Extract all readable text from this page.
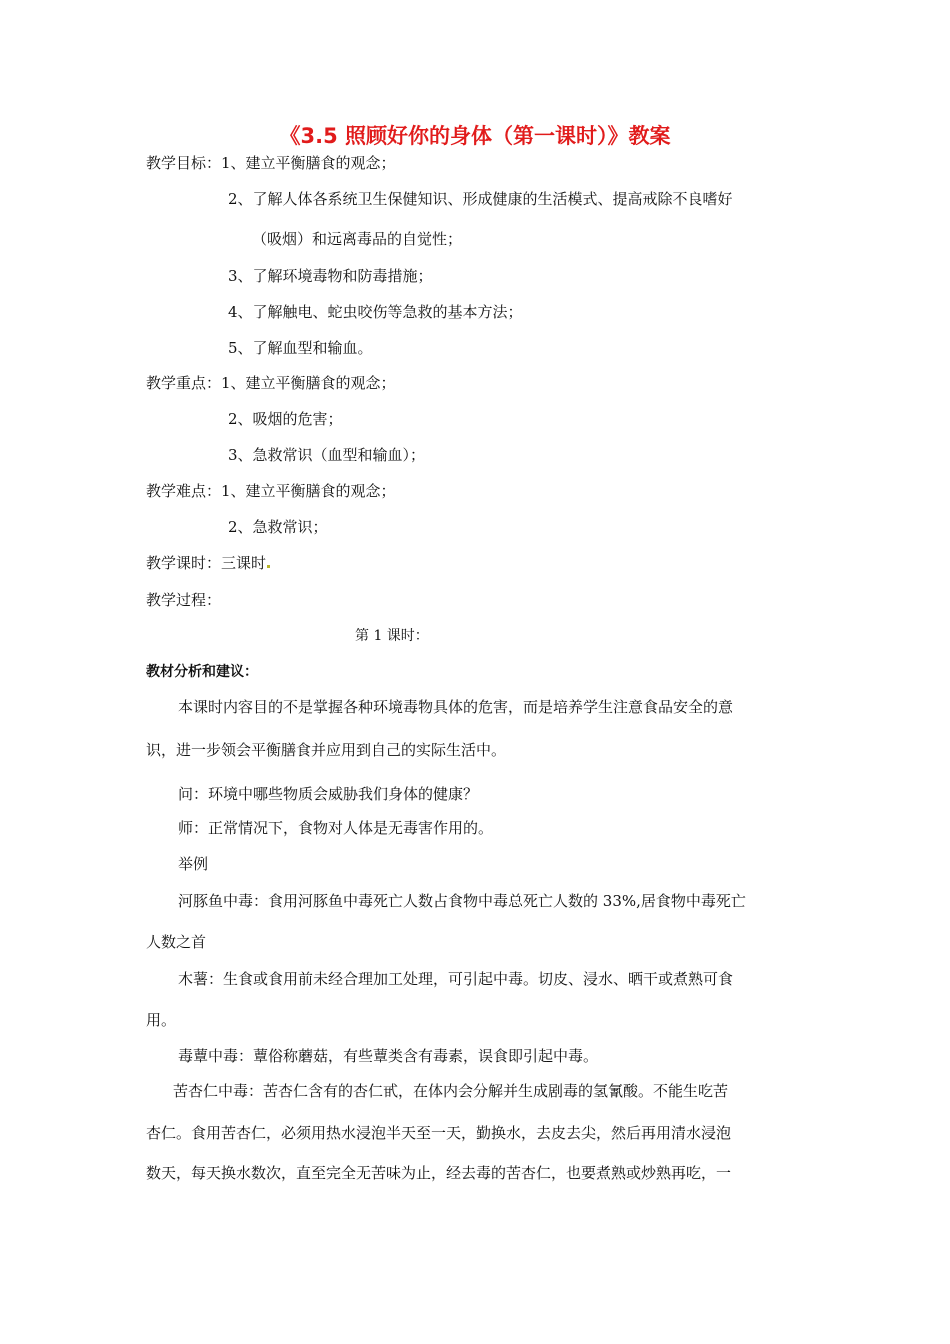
《3.5 照顾好你的身体（第一课时）》教案
教学目标：1、建立平衡膳食的观念；
2、了解人体各系统卫生保健知识、形成健康的生活模式、提高戒除不良嗜好
（吸烟）和远离毒品的自觉性；
3、了解环境毒物和防毒措施；
4、了解触电、蛇虫咬伤等急救的基本方法；
5、了解血型和输血。
教学重点：1、建立平衡膳食的观念；
2、吸烟的危害；
3、急救常识（血型和输血）；
教学难点：1、建立平衡膳食的观念；
2、急救常识；
教学课时：三课时
教学过程：
第 1 课时：
教材分析和建议：
本课时内容目的不是掌握各种环境毒物具体的危害，而是培养学生注意食品安全的意
识，进一步领会平衡膳食并应用到自己的实际生活中。
问：环境中哪些物质会威胁我们身体的健康？
师：正常情况下，食物对人体是无毒害作用的。
举例
河豚鱼中毒：食用河豚鱼中毒死亡人数占食物中毒总死亡人数的 33%,居食物中毒死亡
人数之首
木薯：生食或食用前未经合理加工处理，可引起中毒。切皮、浸水、晒干或煮熟可食
用。
毒蕈中毒：蕈俗称蘑菇，有些蕈类含有毒素，误食即引起中毒。
苦杏仁中毒：苦杏仁含有的杏仁甙，在体内会分解并生成剧毒的氢氰酸。不能生吃苦
杏仁。食用苦杏仁，必须用热水浸泡半天至一天，勤换水，去皮去尖，然后再用清水浸泡
数天，每天换水数次，直至完全无苦味为止，经去毒的苦杏仁，也要煮熟或炒熟再吃，一
